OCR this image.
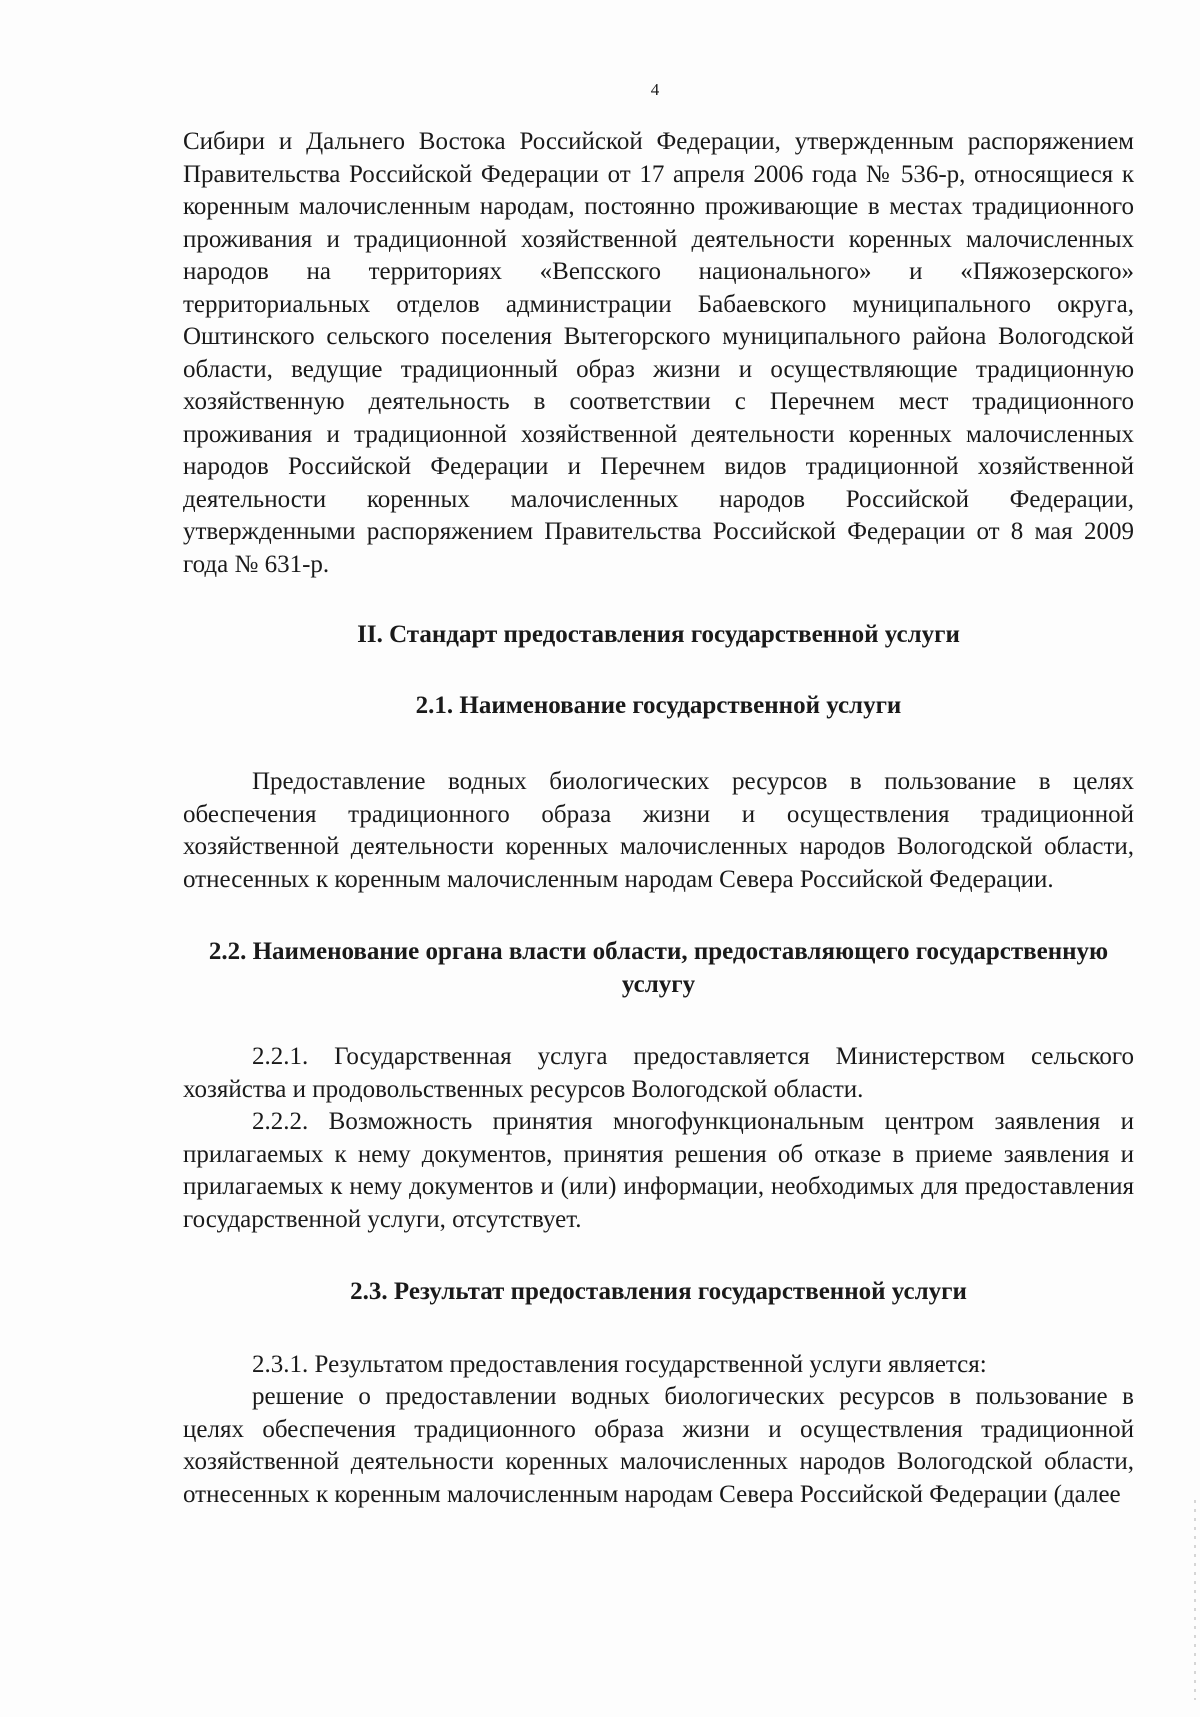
4

Сибири и Дальнего Востока Российской Федерации, утвержденным распоряжением Правительства Российской Федерации от 17 апреля 2006 года № 536-р, относящиеся к коренным малочисленным народам, постоянно проживающие в местах традиционного проживания и традиционной хозяйственной деятельности коренных малочисленных народов на территориях «Вепсского национального» и «Пяжозерского» территориальных отделов администрации Бабаевского муниципального округа, Оштинского сельского поселения Вытегорского муниципального района Вологодской области, ведущие традиционный образ жизни и осуществляющие традиционную хозяйственную деятельность в соответствии с Перечнем мест традиционного проживания и традиционной хозяйственной деятельности коренных малочисленных народов Российской Федерации и Перечнем видов традиционной хозяйственной деятельности коренных малочисленных народов Российской Федерации, утвержденными распоряжением Правительства Российской Федерации от 8 мая 2009 года № 631-р.

II. Стандарт предоставления государственной услуги

2.1. Наименование государственной услуги

Предоставление водных биологических ресурсов в пользование в целях обеспечения традиционного образа жизни и осуществления традиционной хозяйственной деятельности коренных малочисленных народов Вологодской области, отнесенных к коренным малочисленным народам Севера Российской Федерации.

2.2. Наименование органа власти области, предоставляющего государственную услугу

2.2.1. Государственная услуга предоставляется Министерством сельского хозяйства и продовольственных ресурсов Вологодской области.

2.2.2. Возможность принятия многофункциональным центром заявления и прилагаемых к нему документов, принятия решения об отказе в приеме заявления и прилагаемых к нему документов и (или) информации, необходимых для предоставления государственной услуги, отсутствует.

2.3. Результат предоставления государственной услуги

2.3.1. Результатом предоставления государственной услуги является:

решение о предоставлении водных биологических ресурсов в пользование в целях обеспечения традиционного образа жизни и осуществления традиционной хозяйственной деятельности коренных малочисленных народов Вологодской области, отнесенных к коренным малочисленным народам Севера Российской Федерации (далее
